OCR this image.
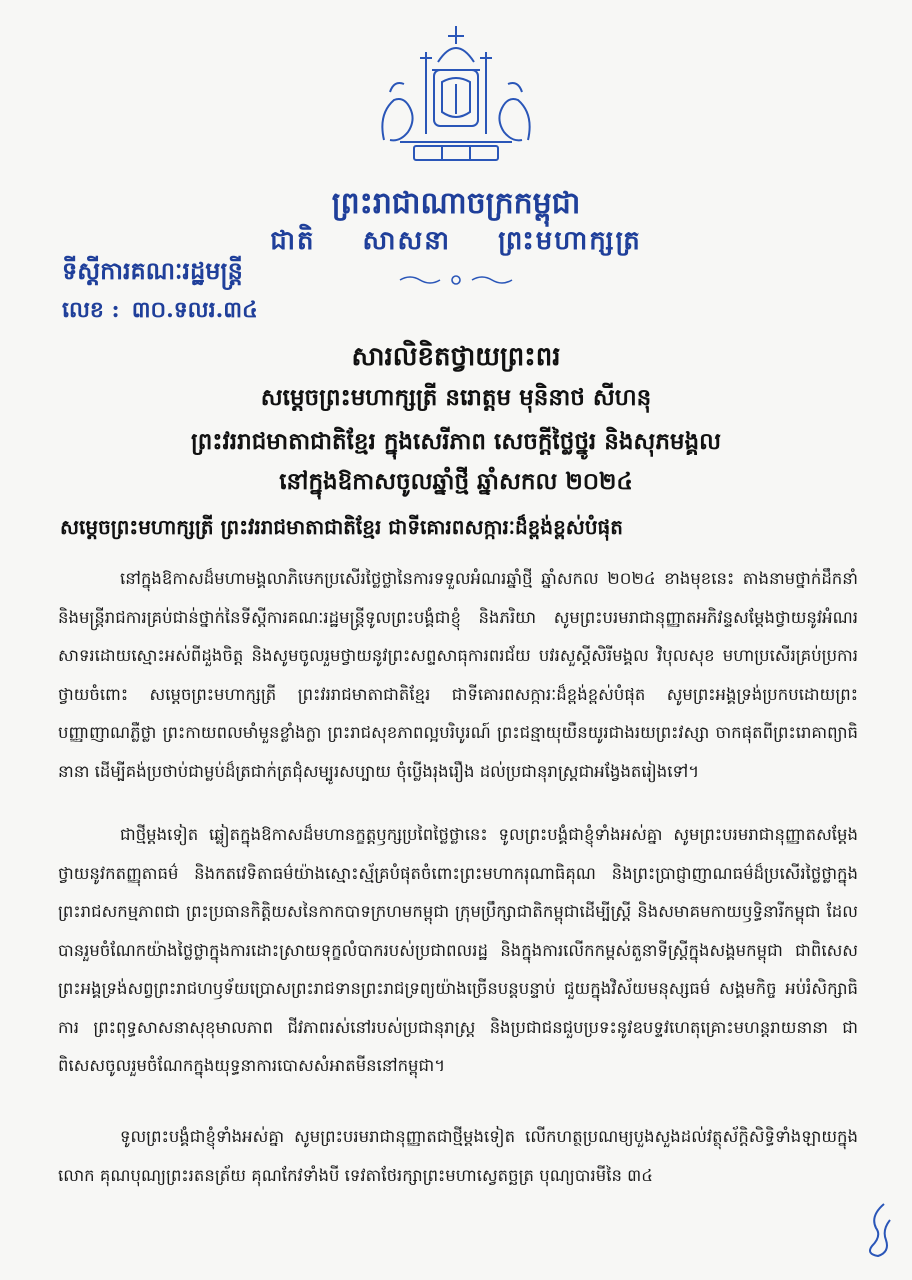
ព្រះរាជាណាចក្រកម្ពុជា
ជាតិ សាសនា ព្រះមហាក្សត្រ
ទីស្តីការគណៈរដ្ឋមន្ត្រី
លេខ : ៣០.ទលរ.៣៤
សារលិខិតថ្វាយព្រះពរ
សម្តេចព្រះមហាក្សត្រី នរោត្តម មុនិនាថ សីហនុ
ព្រះវររាជមាតាជាតិខ្មែរ ក្នុងសេរីភាព សេចក្តីថ្លៃថ្នូរ និងសុភមង្គល
នៅក្នុងឱកាសចូលឆ្នាំថ្មី ឆ្នាំសកល ២០២៤
សម្តេចព្រះមហាក្សត្រី ព្រះវររាជមាតាជាតិខ្មែរ ជាទីគោរពសក្ការៈដ៏ខ្ពង់ខ្ពស់បំផុត

នៅក្នុងឱកាសដ៏មហាមង្គលាភិឞេកប្រសើរថ្លៃថ្លានៃការទទួលអំណរឆ្នាំថ្មី ឆ្នាំសកល ២០២៤ ខាងមុខនេះ តាងនាមថ្នាក់ដឹកនាំនិងមន្ត្រីរាជការគ្រប់ជាន់ថ្នាក់នៃទីស្តីការគណៈរដ្ឋមន្ត្រីទូលព្រះបង្គំជាខ្ញុំ និងភរិយា សូមព្រះបរមរាជានុញ្ញាតអភិវន្ទសម្តែងថ្វាយនូវអំណរសាទរដោយស្មោះអស់ពីដួងចិត្ត និងសូមចូលរួមថ្វាយនូវព្រះសព្ទសាធុការពរជ័យ បវរសួស្តីសិរីមង្គល វិបុលសុខ មហាប្រសើរគ្រប់ប្រការថ្វាយចំពោះ សម្តេចព្រះមហាក្សត្រី ព្រះវររាជមាតាជាតិខ្មែរ ជាទីគោរពសក្ការៈដ៏ខ្ពង់ខ្ពស់បំផុត សូមព្រះអង្គទ្រង់ប្រកបដោយព្រះបញ្ញាញាណភ្លឺថ្លា ព្រះកាយពលមាំមួនខ្លាំងក្លា ព្រះរាជសុខភាពល្អបរិបូរណ៍ ព្រះជន្មាយុយឺនយូរជាងរយព្រះវស្សា ចាកផុតពីព្រះរោគាព្យាធិនានា ដើម្បីគង់ប្រថាប់ជាម្លប់ដ៏ត្រជាក់ត្រជុំសម្បូរសប្បាយ ចុំប្លើងរុងរឿង ដល់ប្រជានុរាស្ត្រជាអង្វែងតរៀងទៅ។

ជាថ្មីម្តងទៀត ឆ្លៀតក្នុងឱកាសដ៏មហានក្ខត្តឫក្សប្រពៃថ្លៃថ្លានេះ ទូលព្រះបង្គំជាខ្ញុំទាំងអស់គ្នា សូមព្រះបរមរាជានុញ្ញាតសម្តែងថ្វាយនូវកតញ្ញុតាធម៌ និងកតវេទិតាធម៌យ៉ាងស្មោះស្ម័គ្របំផុតចំពោះព្រះមហាករុណាធិគុណ និងព្រះប្រាជ្ញាញាណធម៌ដ៏ប្រសើរថ្លៃថ្លាក្នុងព្រះរាជសកម្មភាពជា ព្រះប្រធានកិត្តិយសនៃកាកបាទក្រហមកម្ពុជា ក្រុមប្រឹក្សាជាតិកម្ពុជាដើម្បីស្ត្រី និងសមាគមកាយឫទ្ធិនារីកម្ពុជា ដែលបានរួមចំណែកយ៉ាងថ្លៃថ្លាក្នុងការដោះស្រាយទុក្ខលំបាករបស់ប្រជាពលរដ្ឋ និងក្នុងការលើកកម្ពស់តួនាទីស្ត្រីក្នុងសង្គមកម្ពុជា ជាពិសេសព្រះអង្គទ្រង់សព្វព្រះរាជហឫទ័យប្រោសព្រះរាជទានព្រះរាជទ្រព្យយ៉ាងច្រើនបន្តបន្ទាប់ ជួយក្នុងវិស័យមនុស្សធម៌ សង្គមកិច្ច អប់រំសិក្សាធិការ ព្រះពុទ្ធសាសនាសុខុមាលភាព ជីវភាពរស់នៅរបស់ប្រជានុរាស្ត្រ និងប្រជាជនជួបប្រទះនូវឧបទ្ទវហេតុគ្រោះមហន្តរាយនានា ជាពិសេសចូលរួមចំណែកក្នុងយុទ្ធនាការបោសសំអាតមីននៅកម្ពុជា។

ទូលព្រះបង្គំជាខ្ញុំទាំងអស់គ្នា សូមព្រះបរមរាជានុញ្ញាតជាថ្មីម្តងទៀត លើកហត្ថប្រណម្យបួងសួងដល់វត្ថុស័ក្តិសិទ្ធិទាំងឡាយក្នុងលោក គុណបុណ្យព្រះរតនត្រ័យ គុណកែវទាំងបី ទេវតាថែរក្សាព្រះមហាស្វេតច្ឆត្រ បុណ្យបារមីនៃ ៣៤
